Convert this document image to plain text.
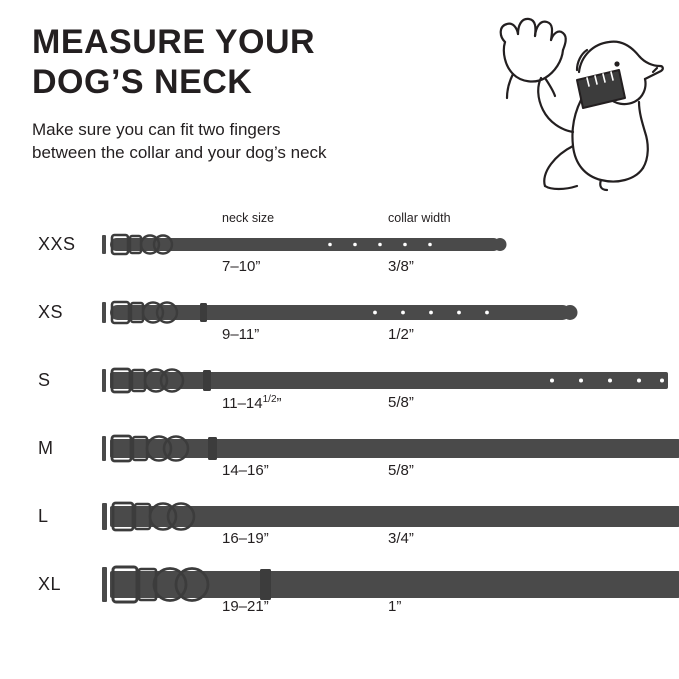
MEASURE YOUR
DOG’S NECK
Make sure you can fit two fingers
between the collar and your dog’s neck
neck size	collar width
XXS
7–10”	3/8”
XS
9–11”	1/2”
S
$11-14^{1/2}$”	5/8”
M
14–16”	5/8”
L
16–19”	3/4”
XL
19–21”	1”
